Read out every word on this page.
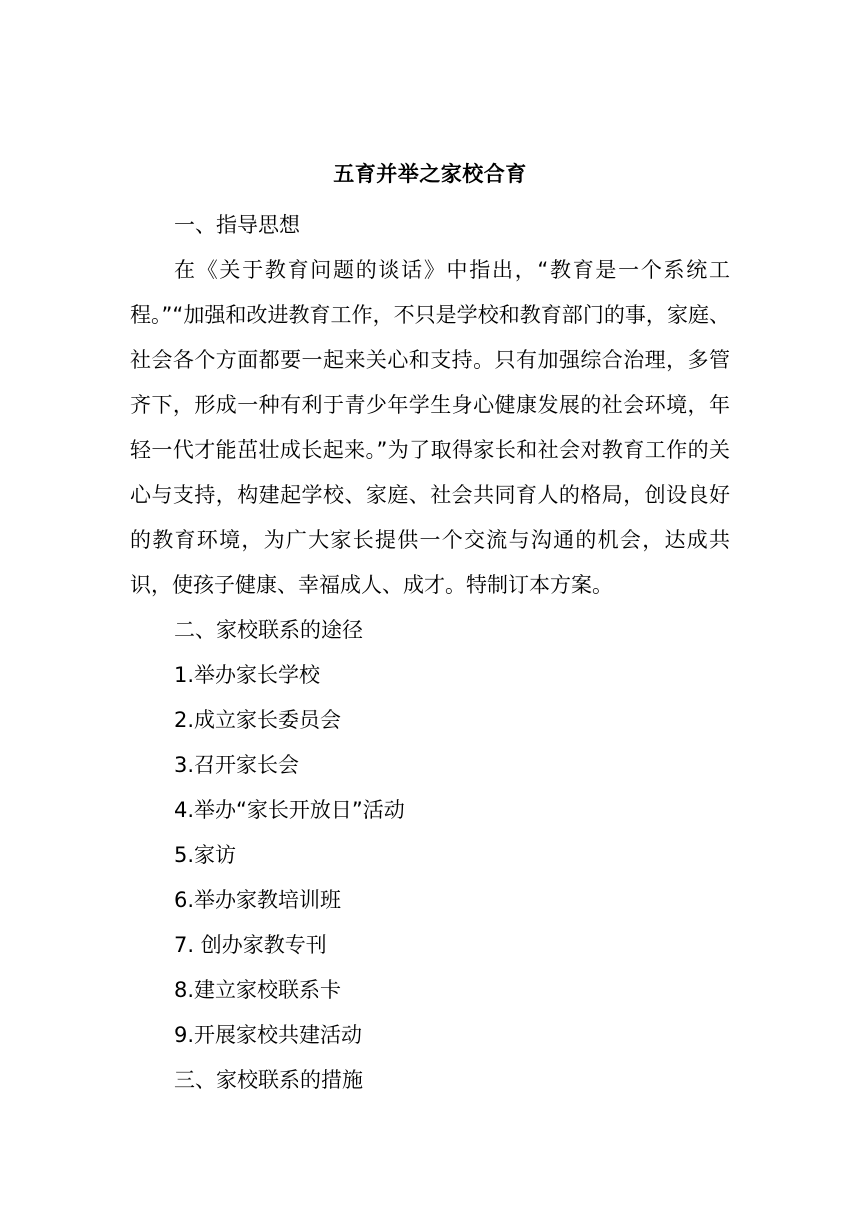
五育并举之家校合育

一、指导思想

在《关于教育问题的谈话》中指出，“教育是一个系统工程。”“加强和改进教育工作，不只是学校和教育部门的事，家庭、社会各个方面都要一起来关心和支持。只有加强综合治理，多管齐下，形成一种有利于青少年学生身心健康发展的社会环境，年轻一代才能茁壮成长起来。”为了取得家长和社会对教育工作的关心与支持，构建起学校、家庭、社会共同育人的格局，创设良好的教育环境，为广大家长提供一个交流与沟通的机会，达成共识，使孩子健康、幸福成人、成才。特制订本方案。

二、家校联系的途径

1.举办家长学校

2.成立家长委员会

3.召开家长会

4.举办“家长开放日”活动

5.家访

6.举办家教培训班

7. 创办家教专刊

8.建立家校联系卡

9.开展家校共建活动

三、家校联系的措施
